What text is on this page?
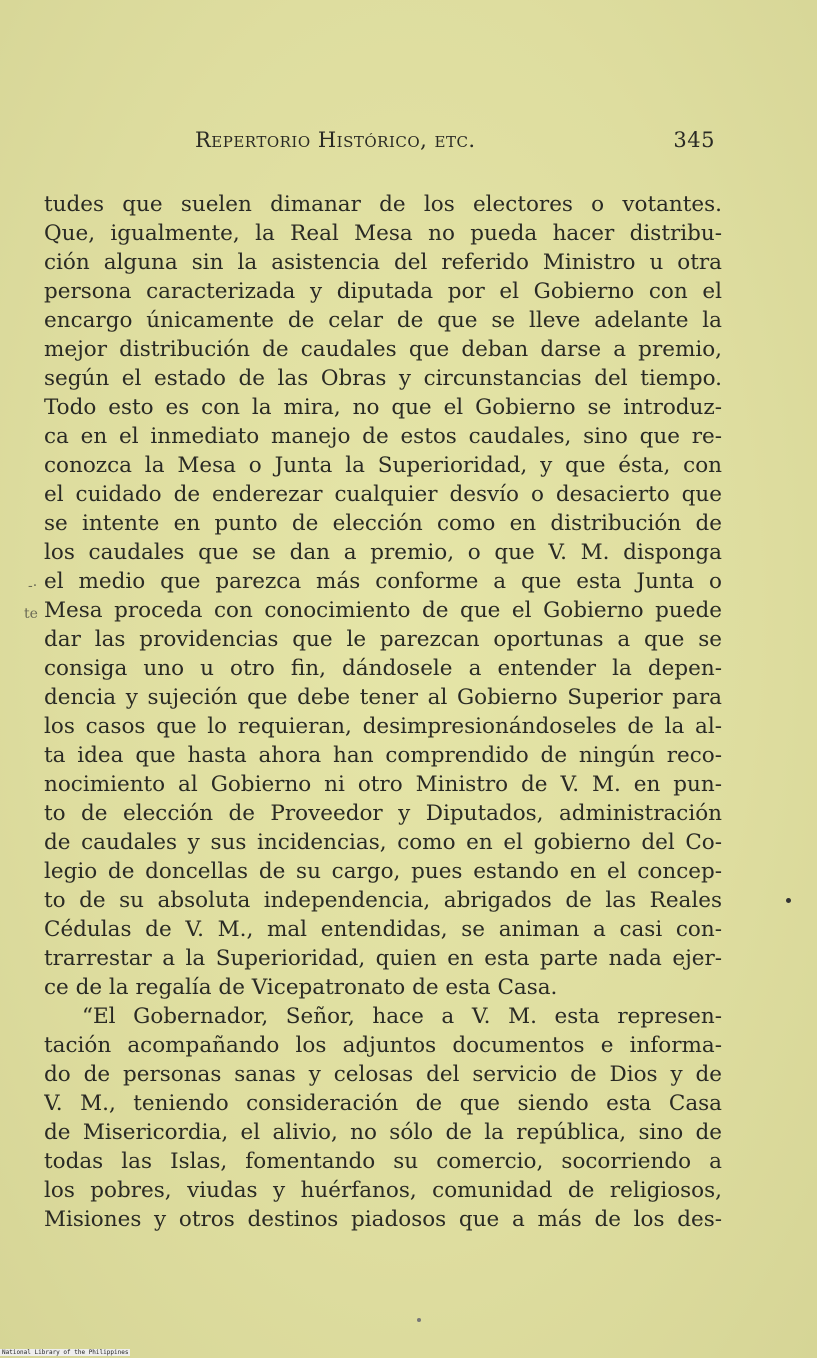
Repertorio Histórico, etc.	345
tudes que suelen dimanar de los electores o votantes.
Que, igualmente, la Real Mesa no pueda hacer distribu-
ción alguna sin la asistencia del referido Ministro u otra
persona caracterizada y diputada por el Gobierno con el
encargo únicamente de celar de que se lleve adelante la
mejor distribución de caudales que deban darse a premio,
según el estado de las Obras y circunstancias del tiempo.
Todo esto es con la mira, no que el Gobierno se introduz-
ca en el inmediato manejo de estos caudales, sino que re-
conozca la Mesa o Junta la Superioridad, y que ésta, con
el cuidado de enderezar cualquier desvío o desacierto que
se intente en punto de elección como en distribución de
los caudales que se dan a premio, o que V. M. disponga
el medio que parezca más conforme a que esta Junta o
Mesa proceda con conocimiento de que el Gobierno puede
dar las providencias que le parezcan oportunas a que se
consiga uno u otro fin, dándosele a entender la depen-
dencia y sujeción que debe tener al Gobierno Superior para
los casos que lo requieran, desimpresionándoseles de la al-
ta idea que hasta ahora han comprendido de ningún reco-
nocimiento al Gobierno ni otro Ministro de V. M. en pun-
to de elección de Proveedor y Diputados, administración
de caudales y sus incidencias, como en el gobierno del Co-
legio de doncellas de su cargo, pues estando en el concep-
to de su absoluta independencia, abrigados de las Reales
Cédulas de V. M., mal entendidas, se animan a casi con-
trarrestar a la Superioridad, quien en esta parte nada ejer-
ce de la regalía de Vicepatronato de esta Casa.
“El Gobernador, Señor, hace a V. M. esta represen-
tación acompañando los adjuntos documentos e informa-
do de personas sanas y celosas del servicio de Dios y de
V. M., teniendo consideración de que siendo esta Casa
de Misericordia, el alivio, no sólo de la república, sino de
todas las Islas, fomentando su comercio, socorriendo a
los pobres, viudas y huérfanos, comunidad de religiosos,
Misiones y otros destinos piadosos que a más de los des-
-·
te
National Library of the Philippines
